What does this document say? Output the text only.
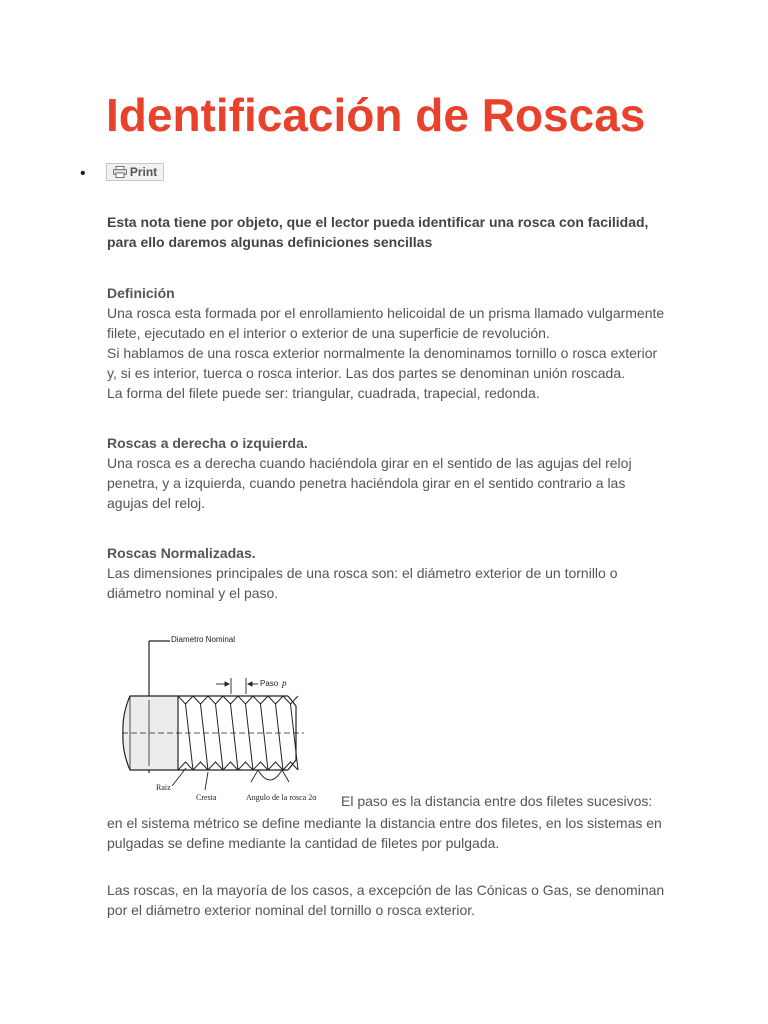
Identificación de Roscas
•	Print
Esta nota tiene por objeto, que el lector pueda identificar una rosca con facilidad,
para ello daremos algunas definiciones sencillas
Definición
Una rosca esta formada por el enrollamiento helicoidal de un prisma llamado vulgarmente
filete, ejecutado en el interior o exterior de una superficie de revolución.
Si hablamos de una rosca exterior normalmente la denominamos tornillo o rosca exterior
y, si es interior, tuerca o rosca interior. Las dos partes se denominan unión roscada.
La forma del filete puede ser: triangular, cuadrada, trapecial, redonda.
Roscas a derecha o izquierda.
Una rosca es a derecha cuando haciéndola girar en el sentido de las agujas del reloj
penetra, y a izquierda, cuando penetra haciéndola girar en el sentido contrario a las
agujas del reloj.
Roscas Normalizadas.
Las dimensiones principales de una rosca son: el diámetro exterior de un tornillo o
diámetro nominal y el paso.
Diametro Nominal
Paso p
Raiz
Cresta	Angulo de la rosca 2α El paso es la distancia entre dos filetes sucesivos:
en el sistema métrico se define mediante la distancia entre dos filetes, en los sistemas en
pulgadas se define mediante la cantidad de filetes por pulgada.
Las roscas, en la mayoría de los casos, a excepción de las Cónicas o Gas, se denominan
por el diámetro exterior nominal del tornillo o rosca exterior.
